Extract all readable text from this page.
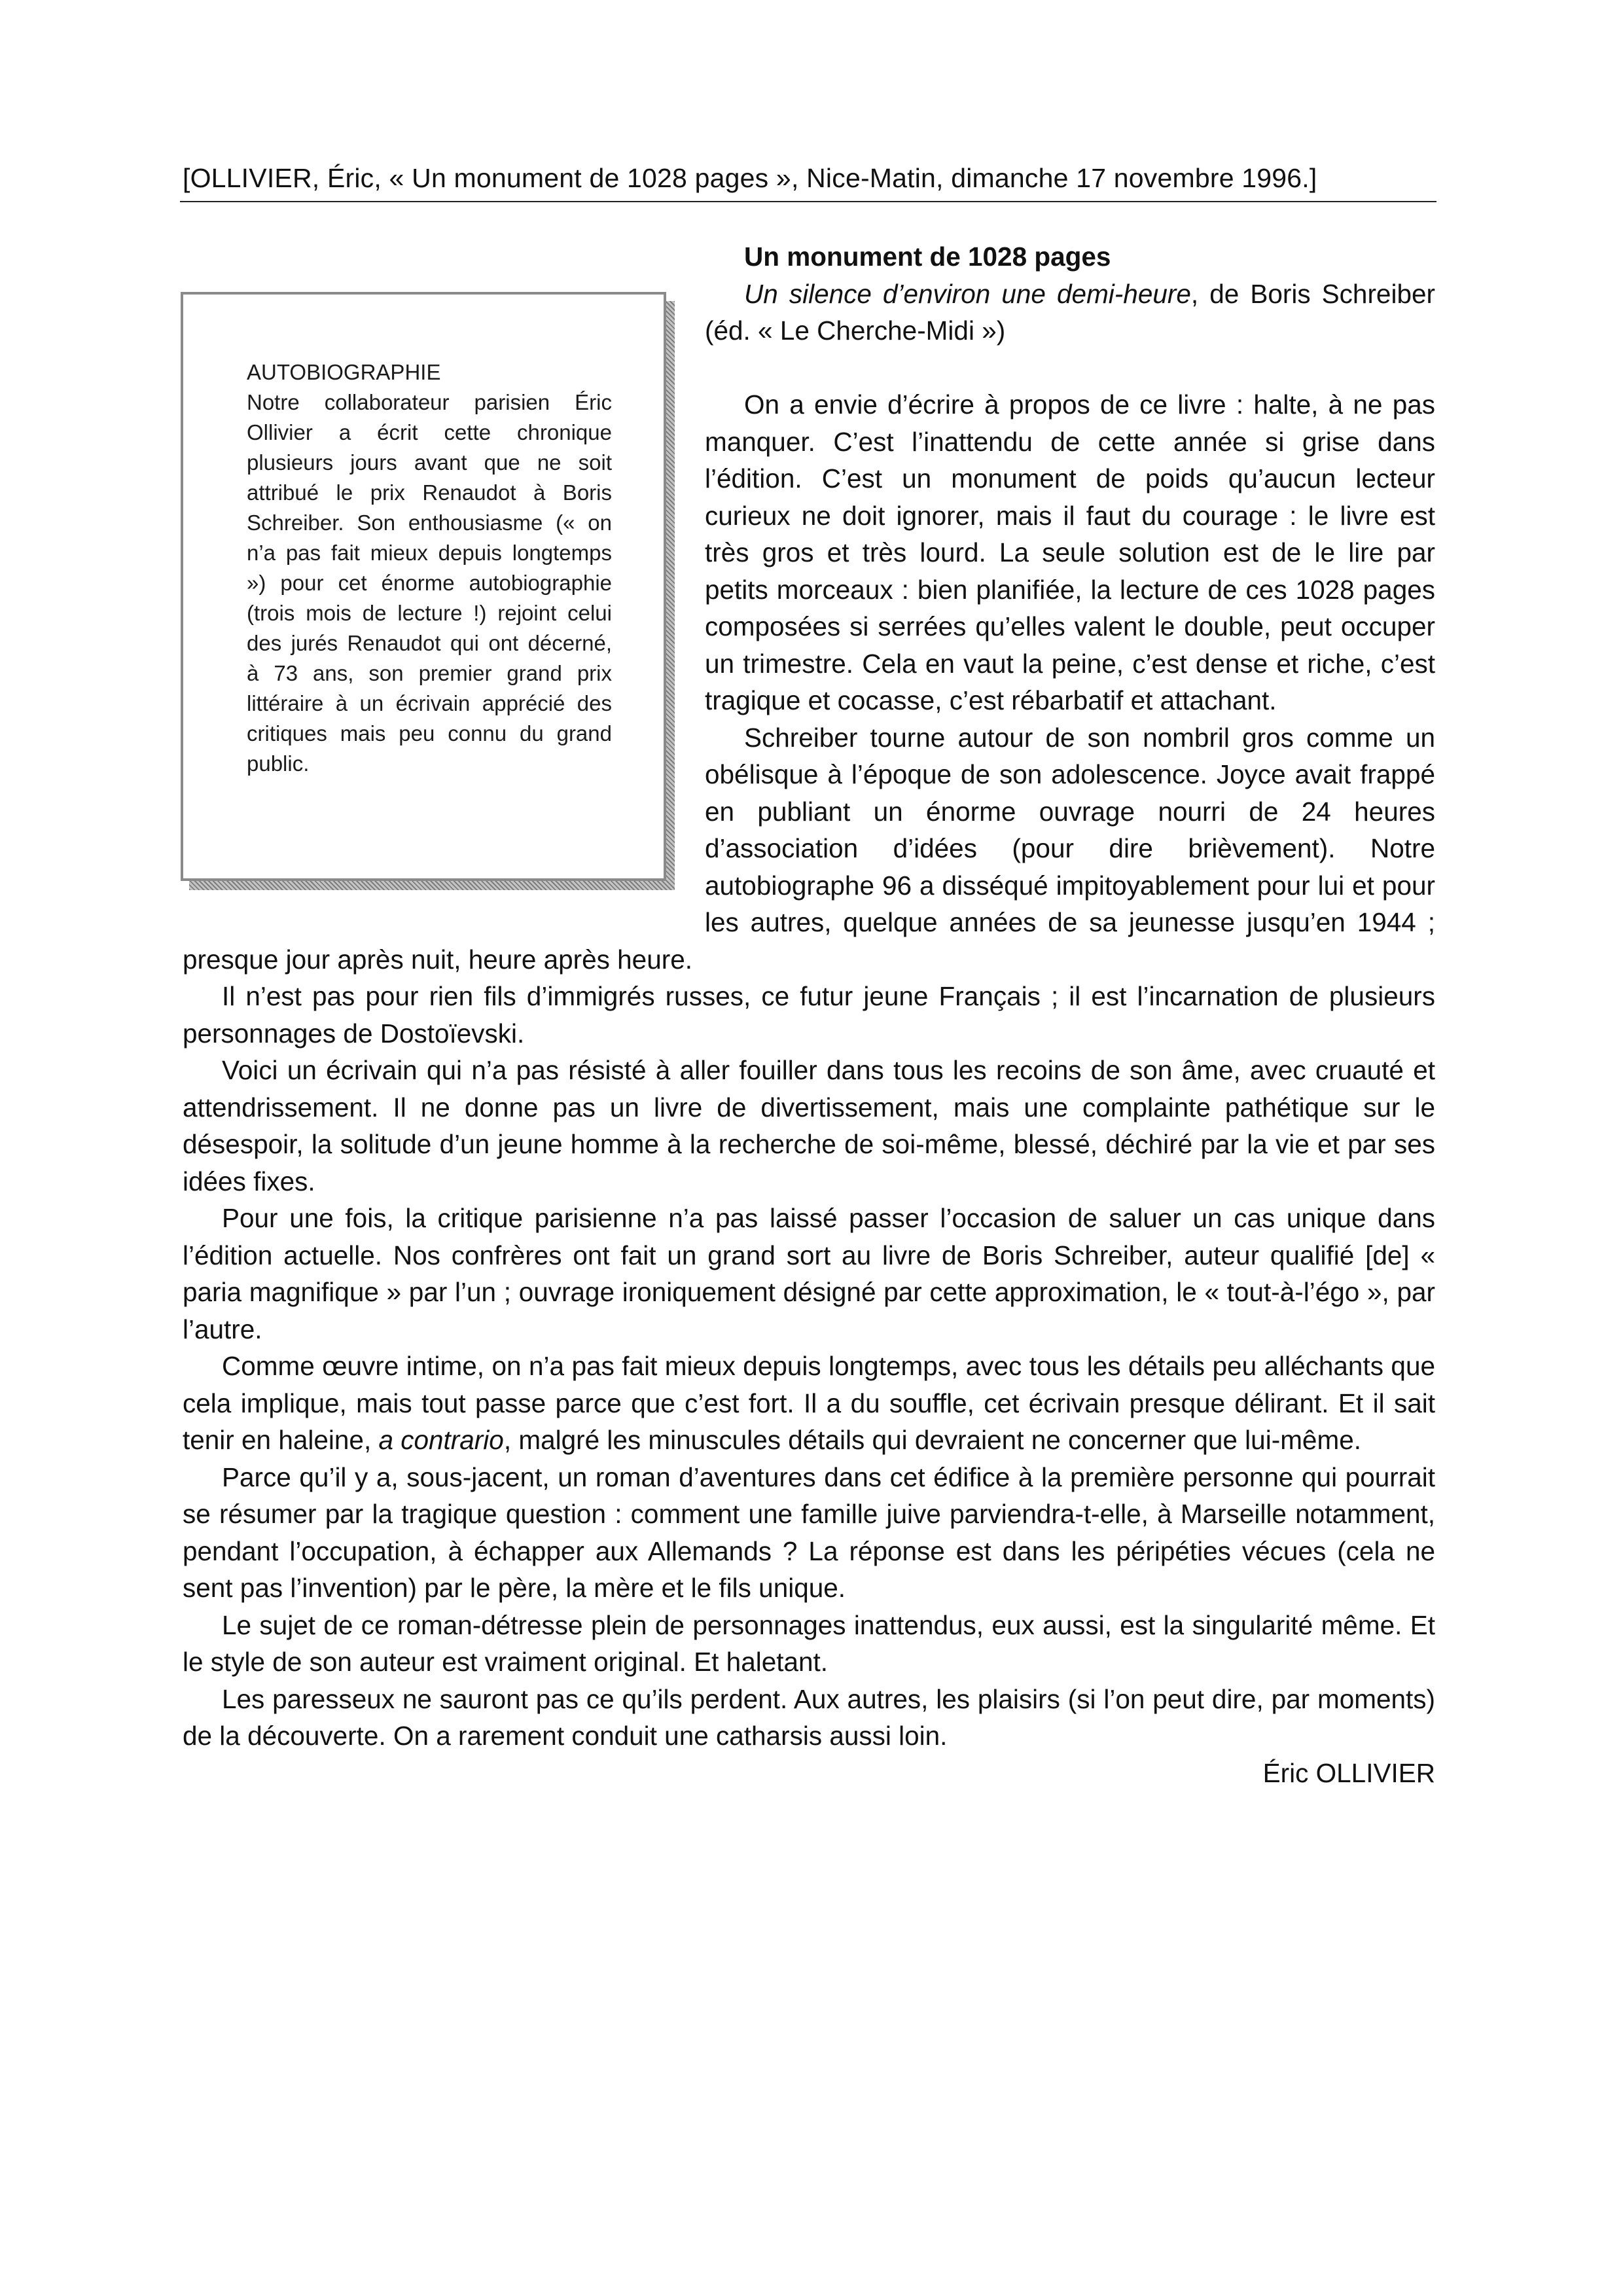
[OLLIVIER, Éric, « Un monument de 1028 pages », Nice-Matin, dimanche 17 novembre 1996.]
AUTOBIOGRAPHIE
Notre collaborateur parisien Éric Ollivier a écrit cette chronique plusieurs jours avant que ne soit attribué le prix Renaudot à Boris Schreiber. Son enthousiasme (« on n’a pas fait mieux depuis longtemps ») pour cet énorme autobiographie (trois mois de lecture !) rejoint celui des jurés Renaudot qui ont décerné, à 73 ans, son premier grand prix littéraire à un écrivain apprécié des critiques mais peu connu du grand public.

Un monument de 1028 pages

Un silence d’environ une demi-heure, de Boris Schreiber (éd. « Le Cherche-Midi »)

On a envie d’écrire à propos de ce livre : halte, à ne pas manquer. C’est l’inattendu de cette année si grise dans l’édition. C’est un monument de poids qu’aucun lecteur curieux ne doit ignorer, mais il faut du courage : le livre est très gros et très lourd. La seule solution est de le lire par petits morceaux : bien planifiée, la lecture de ces 1028 pages composées si serrées qu’elles valent le double, peut occuper un trimestre. Cela en vaut la peine, c’est dense et riche, c’est tragique et cocasse, c’est rébarbatif et attachant.

Schreiber tourne autour de son nombril gros comme un obélisque à l’époque de son adolescence. Joyce avait frappé en publiant un énorme ouvrage nourri de 24 heures d’association d’idées (pour dire brièvement). Notre autobiographe 96 a disséqué impitoyablement pour lui et pour les autres, quelque années de sa jeunesse jusqu’en 1944 ; presque jour après nuit, heure après heure.

Il n’est pas pour rien fils d’immigrés russes, ce futur jeune Français ; il est l’incarnation de plusieurs personnages de Dostoïevski.

Voici un écrivain qui n’a pas résisté à aller fouiller dans tous les recoins de son âme, avec cruauté et attendrissement. Il ne donne pas un livre de divertissement, mais une complainte pathétique sur le désespoir, la solitude d’un jeune homme à la recherche de soi-même, blessé, déchiré par la vie et par ses idées fixes.

Pour une fois, la critique parisienne n’a pas laissé passer l’occasion de saluer un cas unique dans l’édition actuelle. Nos confrères ont fait un grand sort au livre de Boris Schreiber, auteur qualifié [de] « paria magnifique » par l’un ; ouvrage ironiquement désigné par cette approximation, le « tout-à-l’égo », par l’autre.

Comme œuvre intime, on n’a pas fait mieux depuis longtemps, avec tous les détails peu alléchants que cela implique, mais tout passe parce que c’est fort. Il a du souffle, cet écrivain presque délirant. Et il sait tenir en haleine, a contrario, malgré les minuscules détails qui devraient ne concerner que lui-même.

Parce qu’il y a, sous-jacent, un roman d’aventures dans cet édifice à la première personne qui pourrait se résumer par la tragique question : comment une famille juive parviendra-t-elle, à Marseille notamment, pendant l’occupation, à échapper aux Allemands ? La réponse est dans les péripéties vécues (cela ne sent pas l’invention) par le père, la mère et le fils unique.

Le sujet de ce roman-détresse plein de personnages inattendus, eux aussi, est la singularité même. Et le style de son auteur est vraiment original. Et haletant.

Les paresseux ne sauront pas ce qu’ils perdent. Aux autres, les plaisirs (si l’on peut dire, par moments) de la découverte. On a rarement conduit une catharsis aussi loin.

Éric OLLIVIER
